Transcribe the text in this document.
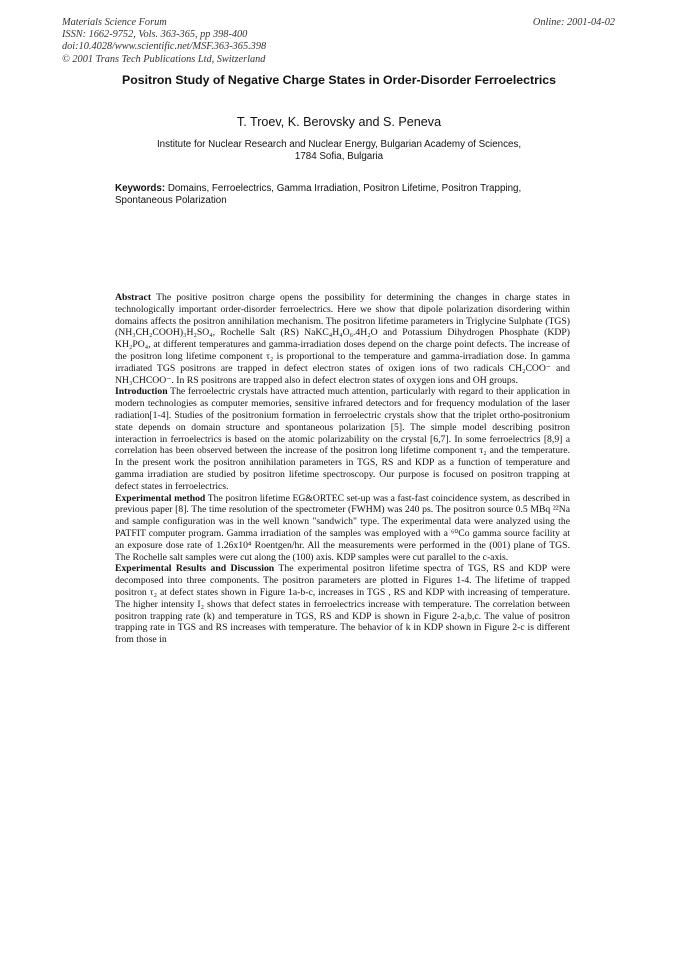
Materials Science Forum
ISSN: 1662-9752, Vols. 363-365, pp 398-400
doi:10.4028/www.scientific.net/MSF.363-365.398
© 2001 Trans Tech Publications Ltd, Switzerland
Online: 2001-04-02
Positron Study of Negative Charge States in Order-Disorder Ferroelectrics
T. Troev, K. Berovsky and S. Peneva
Institute for Nuclear Research and Nuclear Energy, Bulgarian Academy of Sciences,
1784 Sofia, Bulgaria
Keywords: Domains, Ferroelectrics, Gamma Irradiation, Positron Lifetime, Positron Trapping, Spontaneous Polarization

Abstract The positive positron charge opens the possibility for determining the changes in charge states in technologically important order-disorder ferroelectrics. Here we show that dipole polarization disordering within domains affects the positron annihilation mechanism. The positron lifetime parameters in Triglycine Sulphate (TGS) (NH₃CH₂COOH)₃H₂SO₄, Rochelle Salt (RS) NaKC₄H₄O₆.4H₂O and Potassium Dihydrogen Phosphate (KDP) KH₂PO₄, at different temperatures and gamma-irradiation doses depend on the charge point defects. The increase of the positron long lifetime component τ₂ is proportional to the temperature and gamma-irradiation dose. In gamma irradiated TGS positrons are trapped in defect electron states of oxigen ions of two radicals CH₂COO⁻ and NH₃CHCOO⁻. In RS positrons are trapped also in defect electron states of oxygen ions and OH groups.

Introduction The ferroelectric crystals have attracted much attention, particularly with regard to their application in modern technologies as computer memories, sensitive infrared detectors and for frequency modulation of the laser radiation[1-4]. Studies of the positronium formation in ferroelectric crystals show that the triplet ortho-positronium state depends on domain structure and spontaneous polarization [5]. The simple model describing positron interaction in ferroelectrics is based on the atomic polarizability on the crystal [6,7]. In some ferroelectrics [8,9] a correlation has been observed between the increase of the positron long lifetime component τ₂ and the temperature. In the present work the positron annihilation parameters in TGS, RS and KDP as a function of temperature and gamma irradiation are studied by positron lifetime spectroscopy. Our purpose is focused on positron trapping at defect states in ferroelectrics.

Experimental method The positron lifetime EG&ORTEC set-up was a fast-fast coincidence system, as described in previous paper [8]. The time resolution of the spectrometer (FWHM) was 240 ps. The positron source 0.5 MBq ²²Na and sample configuration was in the well known "sandwich" type. The experimental data were analyzed using the PATFIT computer program. Gamma irradiation of the samples was employed with a ⁶⁰Co gamma source facility at an exposure dose rate of 1.26x10⁴ Roentgen/hr. All the measurements were performed in the (001) plane of TGS. The Rochelle salt samples were cut along the (100) axis. KDP samples were cut parallel to the c-axis.

Experimental Results and Discussion The experimental positron lifetime spectra of TGS, RS and KDP were decomposed into three components. The positron parameters are plotted in Figures 1-4. The lifetime of trapped positron τ₂ at defect states shown in Figure 1a-b-c, increases in TGS , RS and KDP with increasing of temperature. The higher intensity I₂ shows that defect states in ferroelectrics increase with temperature. The correlation between positron trapping rate (k) and temperature in TGS, RS and KDP is shown in Figure 2-a,b,c. The value of positron trapping rate in TGS and RS increases with temperature. The behavior of k in KDP shown in Figure 2-c is different from those in
